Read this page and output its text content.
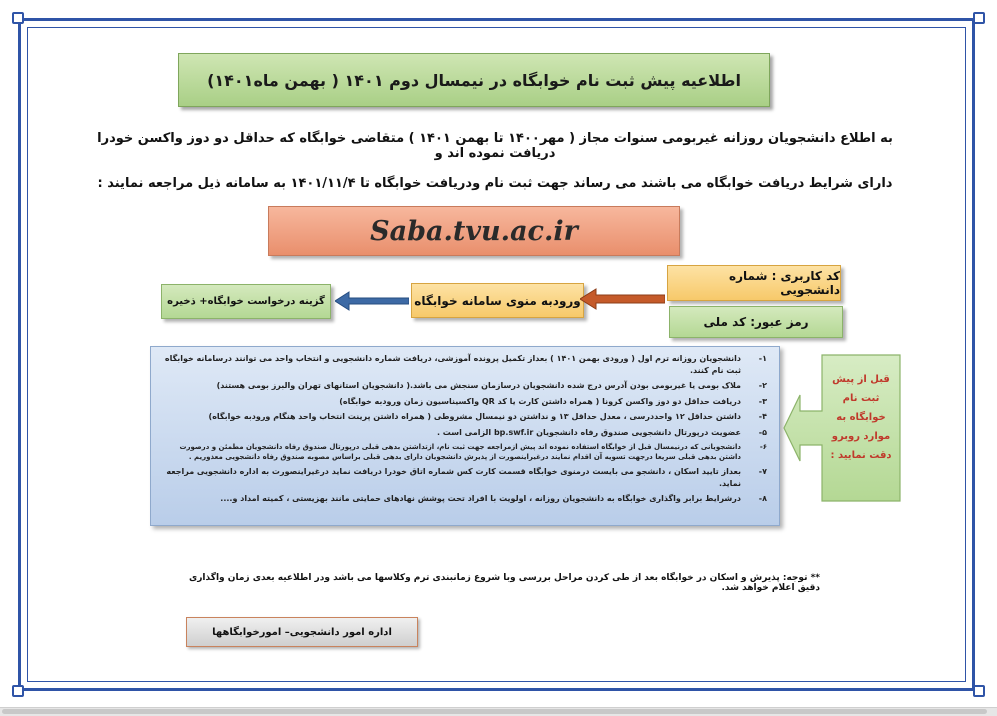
اطلاعیه پیش ثبت نام خوابگاه در نیمسال دوم ۱۴۰۱ ( بهمن ماه۱۴۰۱)
به اطلاع دانشجویان روزانه غیربومی سنوات مجاز ( مهر۱۴۰۰ تا بهمن ۱۴۰۱ ) متقاضی خوابگاه که حداقل دو دوز واکسن خودرا دریافت نموده اند و
دارای شرایط دریافت خوابگاه می باشند می رساند جهت ثبت نام ودریافت خوابگاه تا ۱۴۰۱/۱۱/۴ به سامانه ذیل مراجعه نمایند :
Saba.tvu.ac.ir
کد کاربری : شماره دانشجویی
رمز عبور: کد ملی
ورودبه منوی سامانه خوابگاه
گزینه درخواست خوابگاه+ ذخیره
۱-
دانشجویان روزانه ترم اول ( ورودی بهمن ۱۴۰۱ ) بعداز تکمیل پرونده آموزشی، دریافت شماره دانشجویی و انتخاب واحد می توانند درسامانه خوابگاه ثبت نام کنند.
۲-
ملاک بومی یا غیربومی بودن آدرس درج شده دانشجویان درسازمان سنجش می باشد.( دانشجویان استانهای تهران والبرز بومی هستند)
۳-
دریافت حداقل دو دوز واکسن کرونا ( همراه داشتن کارت یا کد QR واکسیناسیون زمان ورودبه خوابگاه)
۴-
داشتن حداقل ۱۲ واحددرسی ، معدل حداقل ۱۳ و نداشتن دو نیمسال مشروطی ( همراه داشتن پرینت انتخاب واحد هنگام ورودبه خوابگاه)
۵-
عضویت درپورتال دانشجویی صندوق رفاه دانشجویان bp.swf.ir الزامی است .
۶-
دانشجویانی که درنیمسال قبل از خوابگاه استفاده نموده اند پیش ازمراجعه جهت ثبت نام، ازتداشتن بدهی قبلی درپورتال صندوق رفاه دانشجویان مطمئن و درصورت داشتن بدهی قبلی سریعا درجهت تسویه آن اقدام نمایند درغیراینصورت از پذیرش دانشجویان دارای بدهی قبلی براساس مصوبه صندوق رفاه دانشجویی معذوریم .
۷-
بعداز تایید اسکان ، دانشجو می بایست درمنوی خوابگاه قسمت کارت کس شماره اتاق خودرا دریافت نماید درغیراینصورت به اداره دانشجویی مراجعه نماید.
۸-
درشرایط برابر واگذاری خوابگاه به دانشجویان روزانه ، اولویت با افراد تحت پوشش نهادهای حمایتی مانند بهزیستی ، کمیته امداد و....
قبل از پیش ثبت نام خوابگاه به موارد روبرو دقت نمایید :
** توجه: پذیرش و اسکان در خوابگاه بعد از طی کردن مراحل بررسی وبا شروع زمانبندی ترم وکلاسها می باشد ودر اطلاعیه بعدی زمان واگذاری دقیق اعلام خواهد شد.
اداره امور دانشجویی– امورخوابگاهها
